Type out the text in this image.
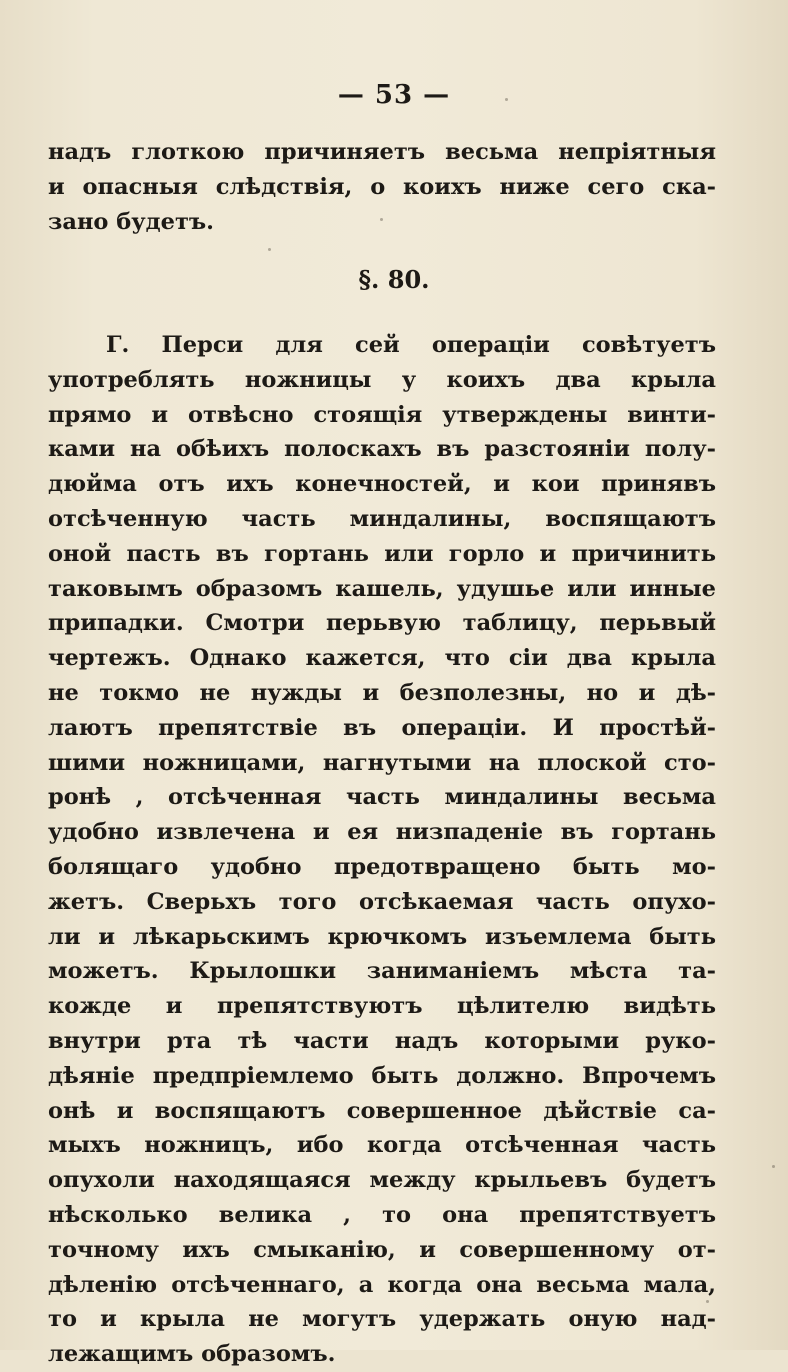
— 53 —
надъ глоткою причиняетъ весьма непріятныя
и опасныя слѣдствія, о коихъ ниже сего ска-
зано будетъ.
§. 80.
Г. Перси для сей операціи совѣтуетъ
употреблять ножницы у коихъ два крыла
прямо и отвѣсно стоящія утверждены винти-
ками на обѣихъ полоскахъ въ разстояніи полу-
дюйма отъ ихъ конечностей, и кои принявъ
отсѣченную часть миндалины, воспящаютъ
оной пасть въ гортань или горло и причинить
таковымъ образомъ кашель, удушье или инные
припадки. Смотри перьвую таблицу, перьвый
чертежъ. Однако кажется, что сіи два крыла
не токмо не нужды и безполезны, но и дѣ-
лаютъ препятствіе въ операціи. И простѣй-
шими ножницами, нагнутыми на плоской сто-
ронѣ , отсѣченная часть миндалины весьма
удобно извлечена и ея низпаденіе въ гортань
болящаго удобно предотвращено быть мо-
жетъ. Сверьхъ того отсѣкаемая часть опухо-
ли и лѣкарьскимъ крючкомъ изъемлема быть
можетъ. Крылошки заниманіемъ мѣста та-
кожде и препятствуютъ цѣлителю видѣть
внутри рта тѣ части надъ которыми руко-
дѣяніе предпріемлемо быть должно. Впрочемъ
онѣ и воспящаютъ совершенное дѣйствіе са-
мыхъ ножницъ, ибо когда отсѣченная часть
опухоли находящаяся между крыльевъ будетъ
нѣсколько велика , то она препятствуетъ
точному ихъ смыканію, и совершенному от-
дѣленію отсѣченнаго, а когда она весьма мала,
то и крыла не могутъ удержать оную над-
лежащимъ образомъ.
